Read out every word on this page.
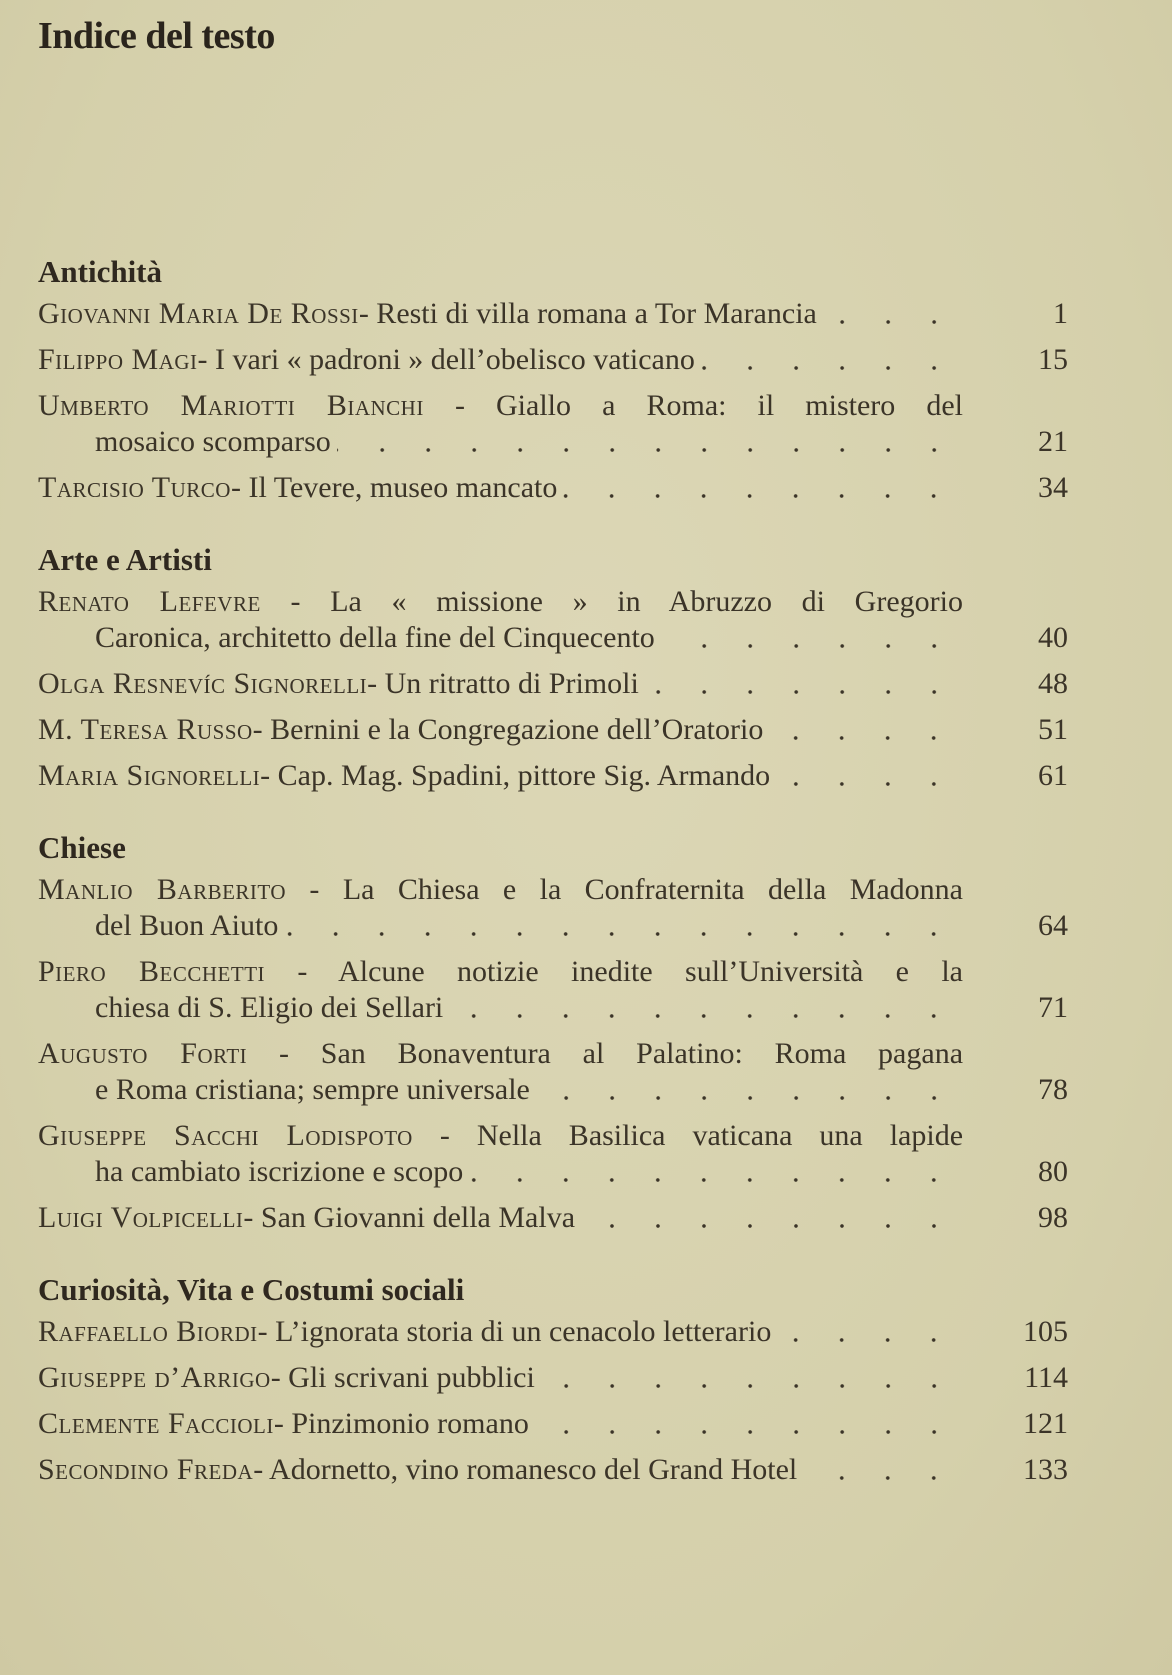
Indice del testo
Antichità
Giovanni Maria De Rossi - Resti di villa romana a Tor Marancia	1
Filippo Magi - I vari « padroni » dell’obelisco vaticano	15
Umberto Mariotti Bianchi - Giallo a Roma: il mistero del
mosaico scomparso	21
Tarcisio Turco - Il Tevere, museo mancato	34
Arte e Artisti
Renato Lefevre - La « missione » in Abruzzo di Gregorio
Caronica, architetto della fine del Cinquecento	40
Olga Resnevíc Signorelli - Un ritratto di Primoli	48
M. Teresa Russo - Bernini e la Congregazione dell’Oratorio	51
Maria Signorelli - Cap. Mag. Spadini, pittore Sig. Armando	61
Chiese
Manlio Barberito - La Chiesa e la Confraternita della Madonna
del Buon Aiuto	64
Piero Becchetti - Alcune notizie inedite sull’Università e la
chiesa di S. Eligio dei Sellari	71
Augusto Forti - San Bonaventura al Palatino: Roma pagana
e Roma cristiana; sempre universale	78
Giuseppe Sacchi Lodispoto - Nella Basilica vaticana una lapide
ha cambiato iscrizione e scopo	80
Luigi Volpicelli - San Giovanni della Malva	98
Curiosità, Vita e Costumi sociali
Raffaello Biordi - L’ignorata storia di un cenacolo letterario	105
Giuseppe d’Arrigo - Gli scrivani pubblici	114
Clemente Faccioli - Pinzimonio romano	121
Secondino Freda - Adornetto, vino romanesco del Grand Hotel	133
